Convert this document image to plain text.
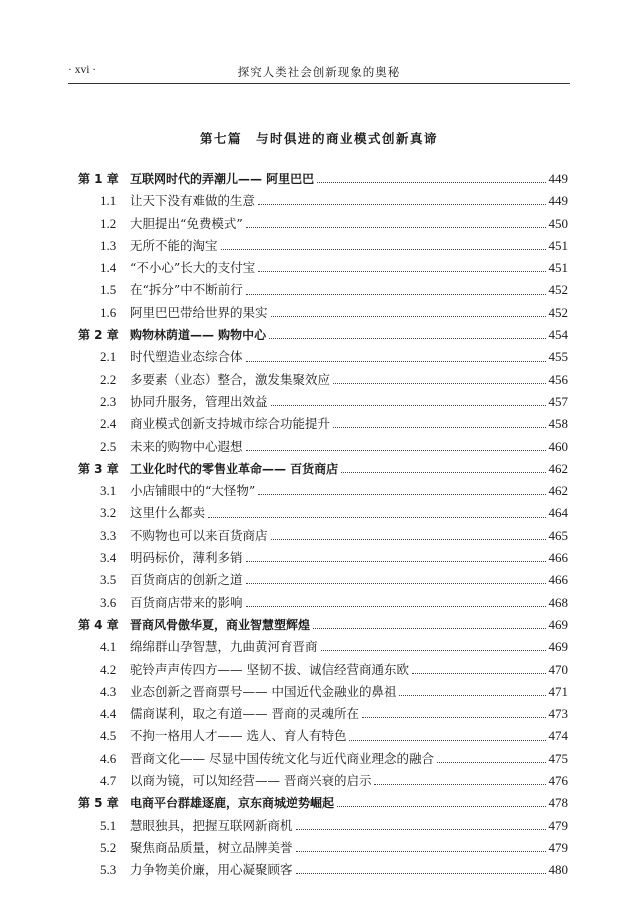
· xvi ·	探究人类社会创新现象的奥秘
第七篇　与时俱进的商业模式创新真谛
第 1 章 互联网时代的弄潮儿—— 阿里巴巴	449
1.1	让天下没有难做的生意	449
1.2	大胆提出“免费模式”	450
1.3	无所不能的淘宝	451
1.4	“不小心”长大的支付宝	451
1.5	在“拆分”中不断前行	452
1.6	阿里巴巴带给世界的果实	452
第 2 章 购物林荫道—— 购物中心	454
2.1	时代塑造业态综合体	455
2.2	多要素（业态）整合，激发集聚效应	456
2.3	协同升服务，管理出效益	457
2.4	商业模式创新支持城市综合功能提升	458
2.5	未来的购物中心遐想	460
第 3 章 工业化时代的零售业革命—— 百货商店	462
3.1	小店铺眼中的“大怪物”	462
3.2	这里什么都卖	464
3.3	不购物也可以来百货商店	465
3.4	明码标价，薄利多销	466
3.5	百货商店的创新之道	466
3.6	百货商店带来的影响	468
第 4 章 晋商风骨傲华夏，商业智慧塑辉煌	469
4.1	绵绵群山孕智慧，九曲黄河育晋商	469
4.2	驼铃声声传四方—— 坚韧不拔、诚信经营商通东欧	470
4.3	业态创新之晋商票号—— 中国近代金融业的鼻祖	471
4.4	儒商谋利，取之有道—— 晋商的灵魂所在	473
4.5	不拘一格用人才—— 选人、育人有特色	474
4.6	晋商文化—— 尽显中国传统文化与近代商业理念的融合	475
4.7	以商为镜，可以知经营—— 晋商兴衰的启示	476
第 5 章 电商平台群雄逐鹿，京东商城逆势崛起	478
5.1	慧眼独具，把握互联网新商机	479
5.2	聚焦商品质量，树立品牌美誉	479
5.3	力争物美价廉，用心凝聚顾客	480
